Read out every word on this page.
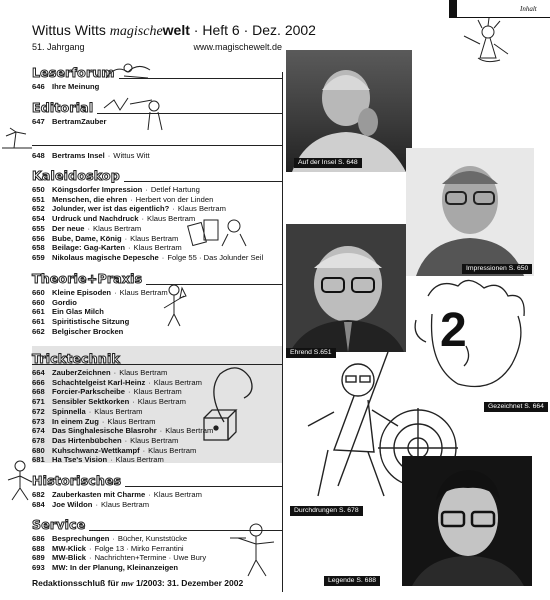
Inhalt
Wittus Witts magischewelt · Heft 6 · Dez. 2002
51. Jahrgang	www.magischewelt.de
Leserforum
646 Ihre Meinung
Editorial
647 BertramZauber
648 Bertrams Insel · Wittus Witt
Kaleidoskop
650 Köingsdorfer Impression · Detlef Hartung
651 Menschen, die ehren · Herbert von der Linden
652 Jolunder, wer ist das eigentlich? · Klaus Bertram
654 Urdruck und Nachdruck · Klaus Bertram
655 Der neue · Klaus Bertram
656 Bube, Dame, König · Klaus Bertram
658 Beilage: Gag-Karten · Klaus Bertram
659 Nikolaus magische Depesche · Folge 55 · Das Jolunder Seil
Theorie+Praxis
660 Kleine Episoden · Klaus Bertram
660 Gordio
661 Ein Glas Milch
661 Spiritistische Sitzung
662 Belgischer Brocken
Tricktechnik
664 ZauberZeichnen · Klaus Bertram
666 Schachtelgeist Karl-Heinz · Klaus Bertram
668 Forcier-Parkscheibe · Klaus Bertram
671 Sensibler Sektkorken · Klaus Bertram
672 Spinnella · Klaus Bertram
673 In einem Zug · Klaus Bertram
674 Das Singhalesische Blasrohr · Klaus Bertram
678 Das Hirtenbübchen · Klaus Bertram
680 Kuhschwanz-Wettkampf · Klaus Bertram
681 Ha Tse's Vision · Klaus Bertram
Historisches
682 Zauberkasten mit Charme · Klaus Bertram
684 Joe Wildon · Klaus Bertram
Service
686 Besprechungen · Bücher, Kunststücke
688 MW-Klick · Folge 13 · Mirko Ferrantini
689 MW-Blick · Nachrichten+Termine · Uwe Bury
693 MW: In der Planung, Kleinanzeigen
Redaktionsschluß für mw 1/2003: 31. Dezember 2002
Auf der Insel S. 648
Impressionen S. 650
Ehrend S.651 2
Gezeichnet S. 664
Durchdrungen S. 678
Legende S. 688
